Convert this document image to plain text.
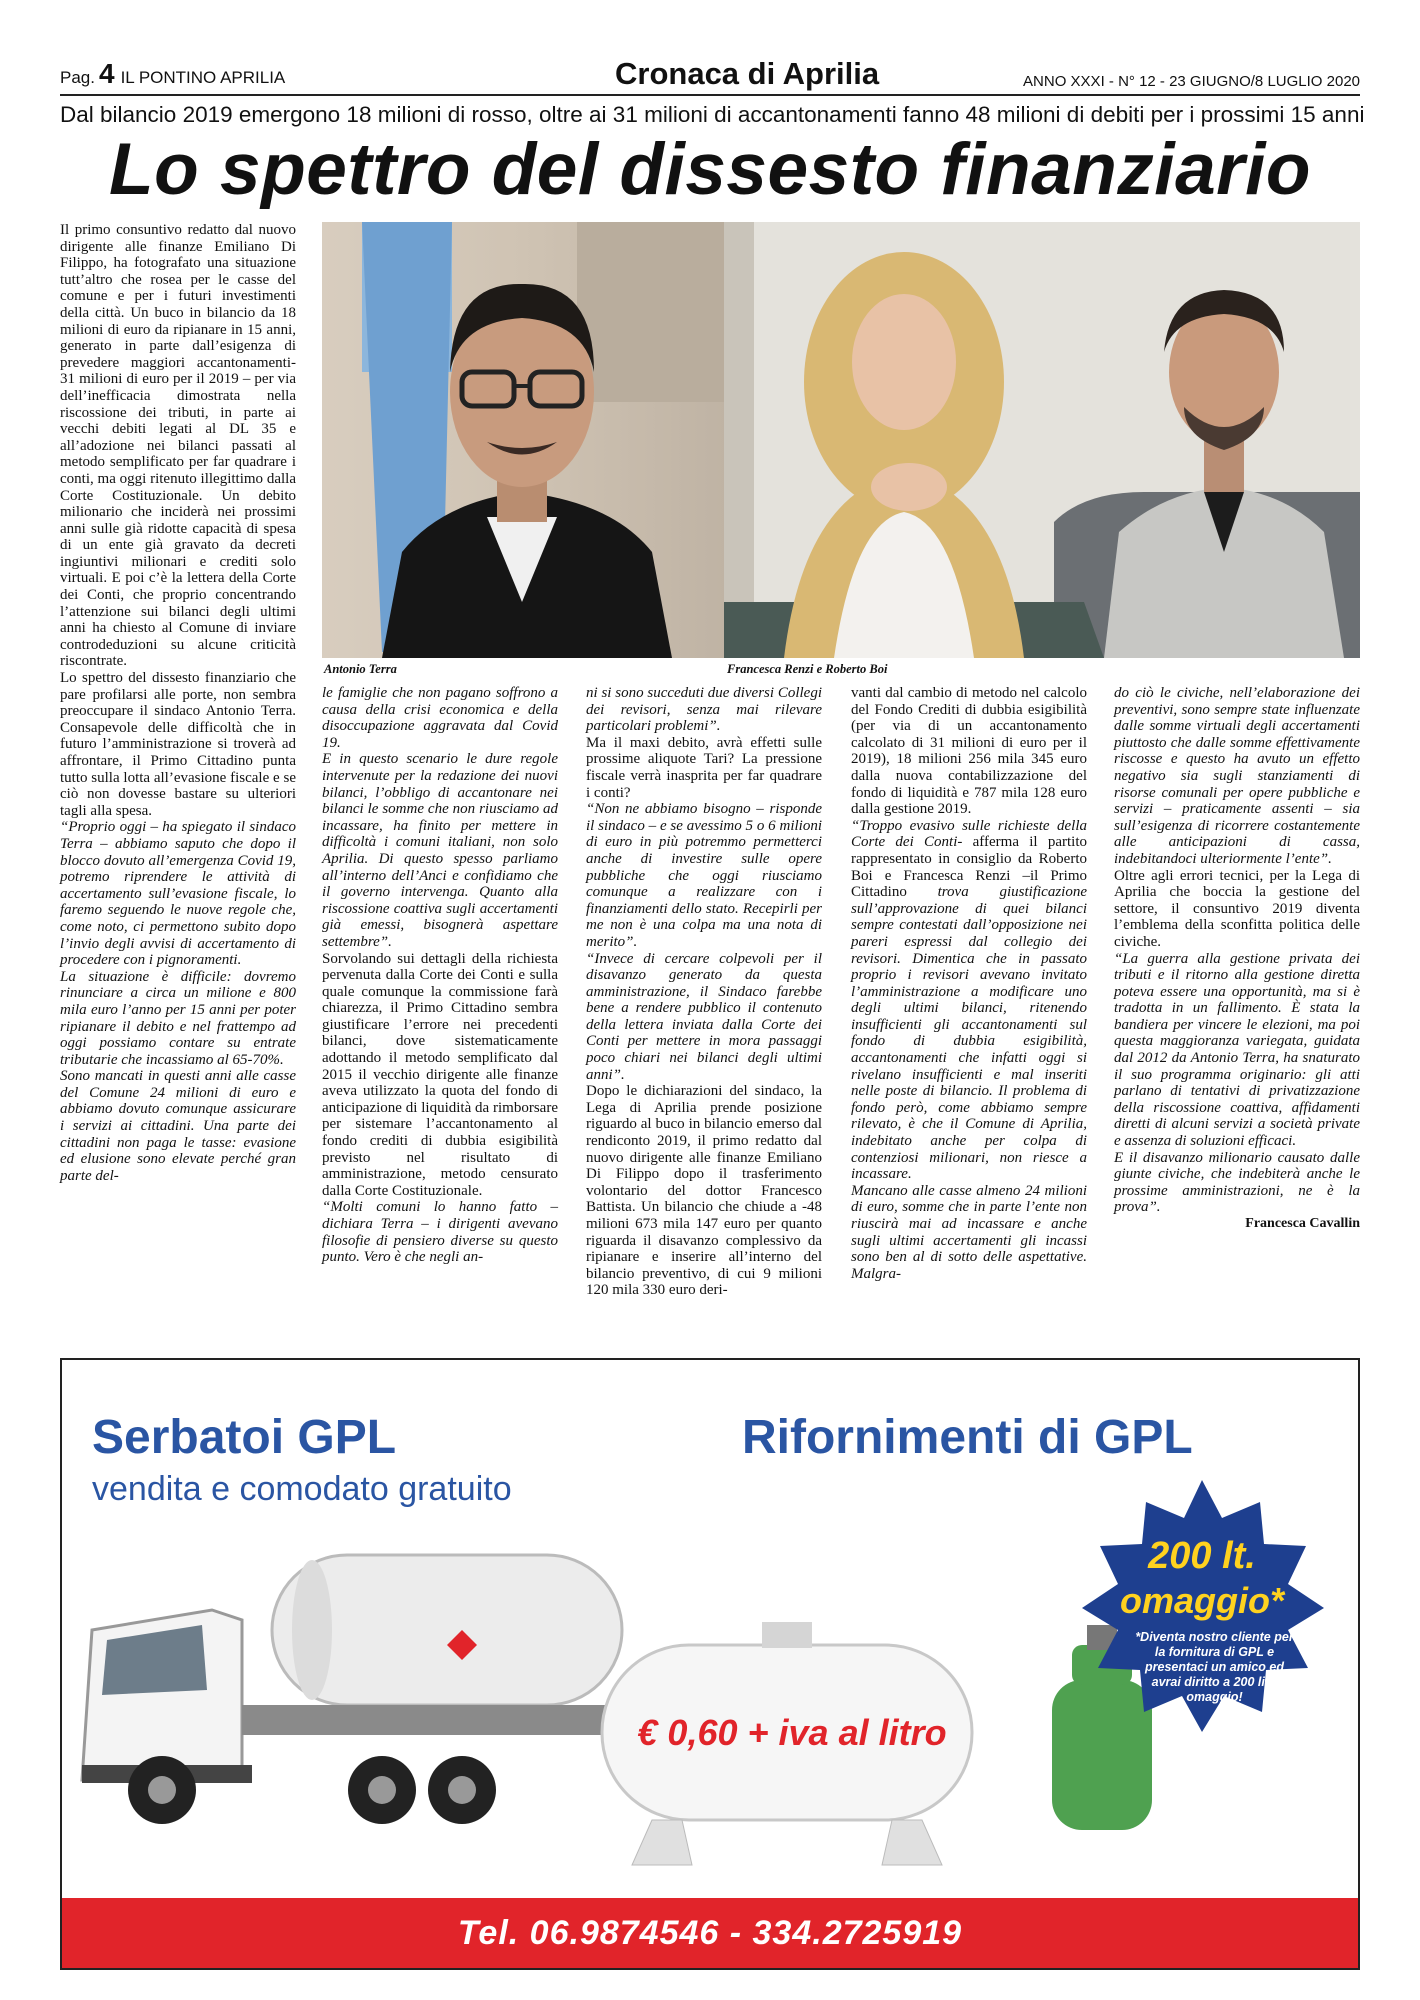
Pag. 4 IL PONTINO APRILIA	Cronaca di Aprilia	ANNO XXXI - N° 12 - 23 GIUGNO/8 LUGLIO 2020
Dal bilancio 2019 emergono 18 milioni di rosso, oltre ai 31 milioni di accantonamenti fanno 48 milioni di debiti per i prossimi 15 anni
Lo spettro del dissesto finanziario

Il primo consuntivo redatto dal nuovo dirigente alle finanze Emiliano Di Filippo, ha fotografato una situazione tutt’altro che rosea per le casse del comune e per i futuri investimenti della città. Un buco in bilancio da 18 milioni di euro da ripianare in 15 anni, generato in parte dall’esigenza di prevedere maggiori accantonamenti- 31 milioni di euro per il 2019 – per via dell’inefficacia dimostrata nella riscossione dei tributi, in parte ai vecchi debiti legati al DL 35 e all’adozione nei bilanci passati al metodo semplificato per far quadrare i conti, ma oggi ritenuto illegittimo dalla Corte Costituzionale. Un debito milionario che inciderà nei prossimi anni sulle già ridotte capacità di spesa di un ente già gravato da decreti ingiuntivi milionari e crediti solo virtuali. E poi c’è la lettera della Corte dei Conti, che proprio concentrando l’attenzione sui bilanci degli ultimi anni ha chiesto al Comune di inviare controdeduzioni su alcune criticità riscontrate.

Lo spettro del dissesto finanziario che pare profilarsi alle porte, non sembra preoccupare il sindaco Antonio Terra. Consapevole delle difficoltà che in futuro l’amministrazione si troverà ad affrontare, il Primo Cittadino punta tutto sulla lotta all’evasione fiscale e se ciò non dovesse bastare su ulteriori tagli alla spesa.

“Proprio oggi – ha spiegato il sindaco Terra – abbiamo saputo che dopo il blocco dovuto all’emergenza Covid 19, potremo riprendere le attività di accertamento sull’evasione fiscale, lo faremo seguendo le nuove regole che, come noto, ci permettono subito dopo l’invio degli avvisi di accertamento di procedere con i pignoramenti.

La situazione è difficile: dovremo rinunciare a circa un milione e 800 mila euro l’anno per 15 anni per poter ripianare il debito e nel frattempo ad oggi possiamo contare su entrate tributarie che incassiamo al 65-70%.

Sono mancati in questi anni alle casse del Comune 24 milioni di euro e abbiamo dovuto comunque assicurare i servizi ai cittadini. Una parte dei cittadini non paga le tasse: evasione ed elusione sono elevate perché gran parte del-

Antonio Terra	Francesca Renzi e Roberto Boi

le famiglie che non pagano soffrono a causa della crisi economica e della disoccupazione aggravata dal Covid 19.

E in questo scenario le dure regole intervenute per la redazione dei nuovi bilanci, l’obbligo di accantonare nei bilanci le somme che non riusciamo ad incassare, ha finito per mettere in difficoltà i comuni italiani, non solo Aprilia. Di questo spesso parliamo all’interno dell’Anci e confidiamo che il governo intervenga. Quanto alla riscossione coattiva sugli accertamenti già emessi, bisognerà aspettare settembre”.

Sorvolando sui dettagli della richiesta pervenuta dalla Corte dei Conti e sulla quale comunque la commissione farà chiarezza, il Primo Cittadino sembra giustificare l’errore nei precedenti bilanci, dove sistematicamente adottando il metodo semplificato dal 2015 il vecchio dirigente alle finanze aveva utilizzato la quota del fondo di anticipazione di liquidità da rimborsare per sistemare l’accantonamento al fondo crediti di dubbia esigibilità previsto nel risultato di amministrazione, metodo censurato dalla Corte Costituzionale.

“Molti comuni lo hanno fatto – dichiara Terra – i dirigenti avevano filosofie di pensiero diverse su questo punto. Vero è che negli an-

ni si sono succeduti due diversi Collegi dei revisori, senza mai rilevare particolari problemi”.

Ma il maxi debito, avrà effetti sulle prossime aliquote Tari? La pressione fiscale verrà inasprita per far quadrare i conti?

“Non ne abbiamo bisogno – risponde il sindaco – e se avessimo 5 o 6 milioni di euro in più potremmo permetterci anche di investire sulle opere pubbliche che oggi riusciamo comunque a realizzare con i finanziamenti dello stato. Recepirli per me non è una colpa ma una nota di merito”.

“Invece di cercare colpevoli per il disavanzo generato da questa amministrazione, il Sindaco farebbe bene a rendere pubblico il contenuto della lettera inviata dalla Corte dei Conti per mettere in mora passaggi poco chiari nei bilanci degli ultimi anni”.

Dopo le dichiarazioni del sindaco, la Lega di Aprilia prende posizione riguardo al buco in bilancio emerso dal rendiconto 2019, il primo redatto dal nuovo dirigente alle finanze Emiliano Di Filippo dopo il trasferimento volontario del dottor Francesco Battista. Un bilancio che chiude a -48 milioni 673 mila 147 euro per quanto riguarda il disavanzo complessivo da ripianare e inserire all’interno del bilancio preventivo, di cui 9 milioni 120 mila 330 euro deri-

vanti dal cambio di metodo nel calcolo del Fondo Crediti di dubbia esigibilità (per via di un accantonamento calcolato di 31 milioni di euro per il 2019), 18 milioni 256 mila 345 euro dalla nuova contabilizzazione del fondo di liquidità e 787 mila 128 euro dalla gestione 2019.

“Troppo evasivo sulle richieste della Corte dei Conti- afferma il partito rappresentato in consiglio da Roberto Boi e Francesca Renzi –il Primo Cittadino trova giustificazione sull’approvazione di quei bilanci sempre contestati dall’opposizione nei pareri espressi dal collegio dei revisori. Dimentica che in passato proprio i revisori avevano invitato l’amministrazione a modificare uno degli ultimi bilanci, ritenendo insufficienti gli accantonamenti sul fondo di dubbia esigibilità, accantonamenti che infatti oggi si rivelano insufficienti e mal inseriti nelle poste di bilancio. Il problema di fondo però, come abbiamo sempre rilevato, è che il Comune di Aprilia, indebitato anche per colpa di contenziosi milionari, non riesce a incassare.

Mancano alle casse almeno 24 milioni di euro, somme che in parte l’ente non riuscirà mai ad incassare e anche sugli ultimi accertamenti gli incassi sono ben al di sotto delle aspettative. Malgra-

do ciò le civiche, nell’elaborazione dei preventivi, sono sempre state influenzate dalle somme virtuali degli accertamenti piuttosto che dalle somme effettivamente riscosse e questo ha avuto un effetto negativo sia sugli stanziamenti di risorse comunali per opere pubbliche e servizi – praticamente assenti – sia sull’esigenza di ricorrere costantemente alle anticipazioni di cassa, indebitandoci ulteriormente l’ente”.

Oltre agli errori tecnici, per la Lega di Aprilia che boccia la gestione del settore, il consuntivo 2019 diventa l’emblema della sconfitta politica delle civiche.

“La guerra alla gestione privata dei tributi e il ritorno alla gestione diretta poteva essere una opportunità, ma si è tradotta in un fallimento. È stata la bandiera per vincere le elezioni, ma poi questa maggioranza variegata, guidata dal 2012 da Antonio Terra, ha snaturato il suo programma originario: gli atti parlano di tentativi di privatizzazione della riscossione coattiva, affidamenti diretti di alcuni servizi a società private e assenza di soluzioni efficaci.

E il disavanzo milionario causato dalle giunte civiche, che indebiterà anche le prossime amministrazioni, ne è la prova”.

Francesca Cavallin

Serbatoi GPL
vendita e comodato gratuito
Rifornimenti di GPL
€ 0,60 + iva al litro
200 lt.
omaggio*
*Diventa nostro cliente per la fornitura di GPL e presentaci un amico ed avrai diritto a 200 litri omaggio!
Tel. 06.9874546 - 334.2725919
